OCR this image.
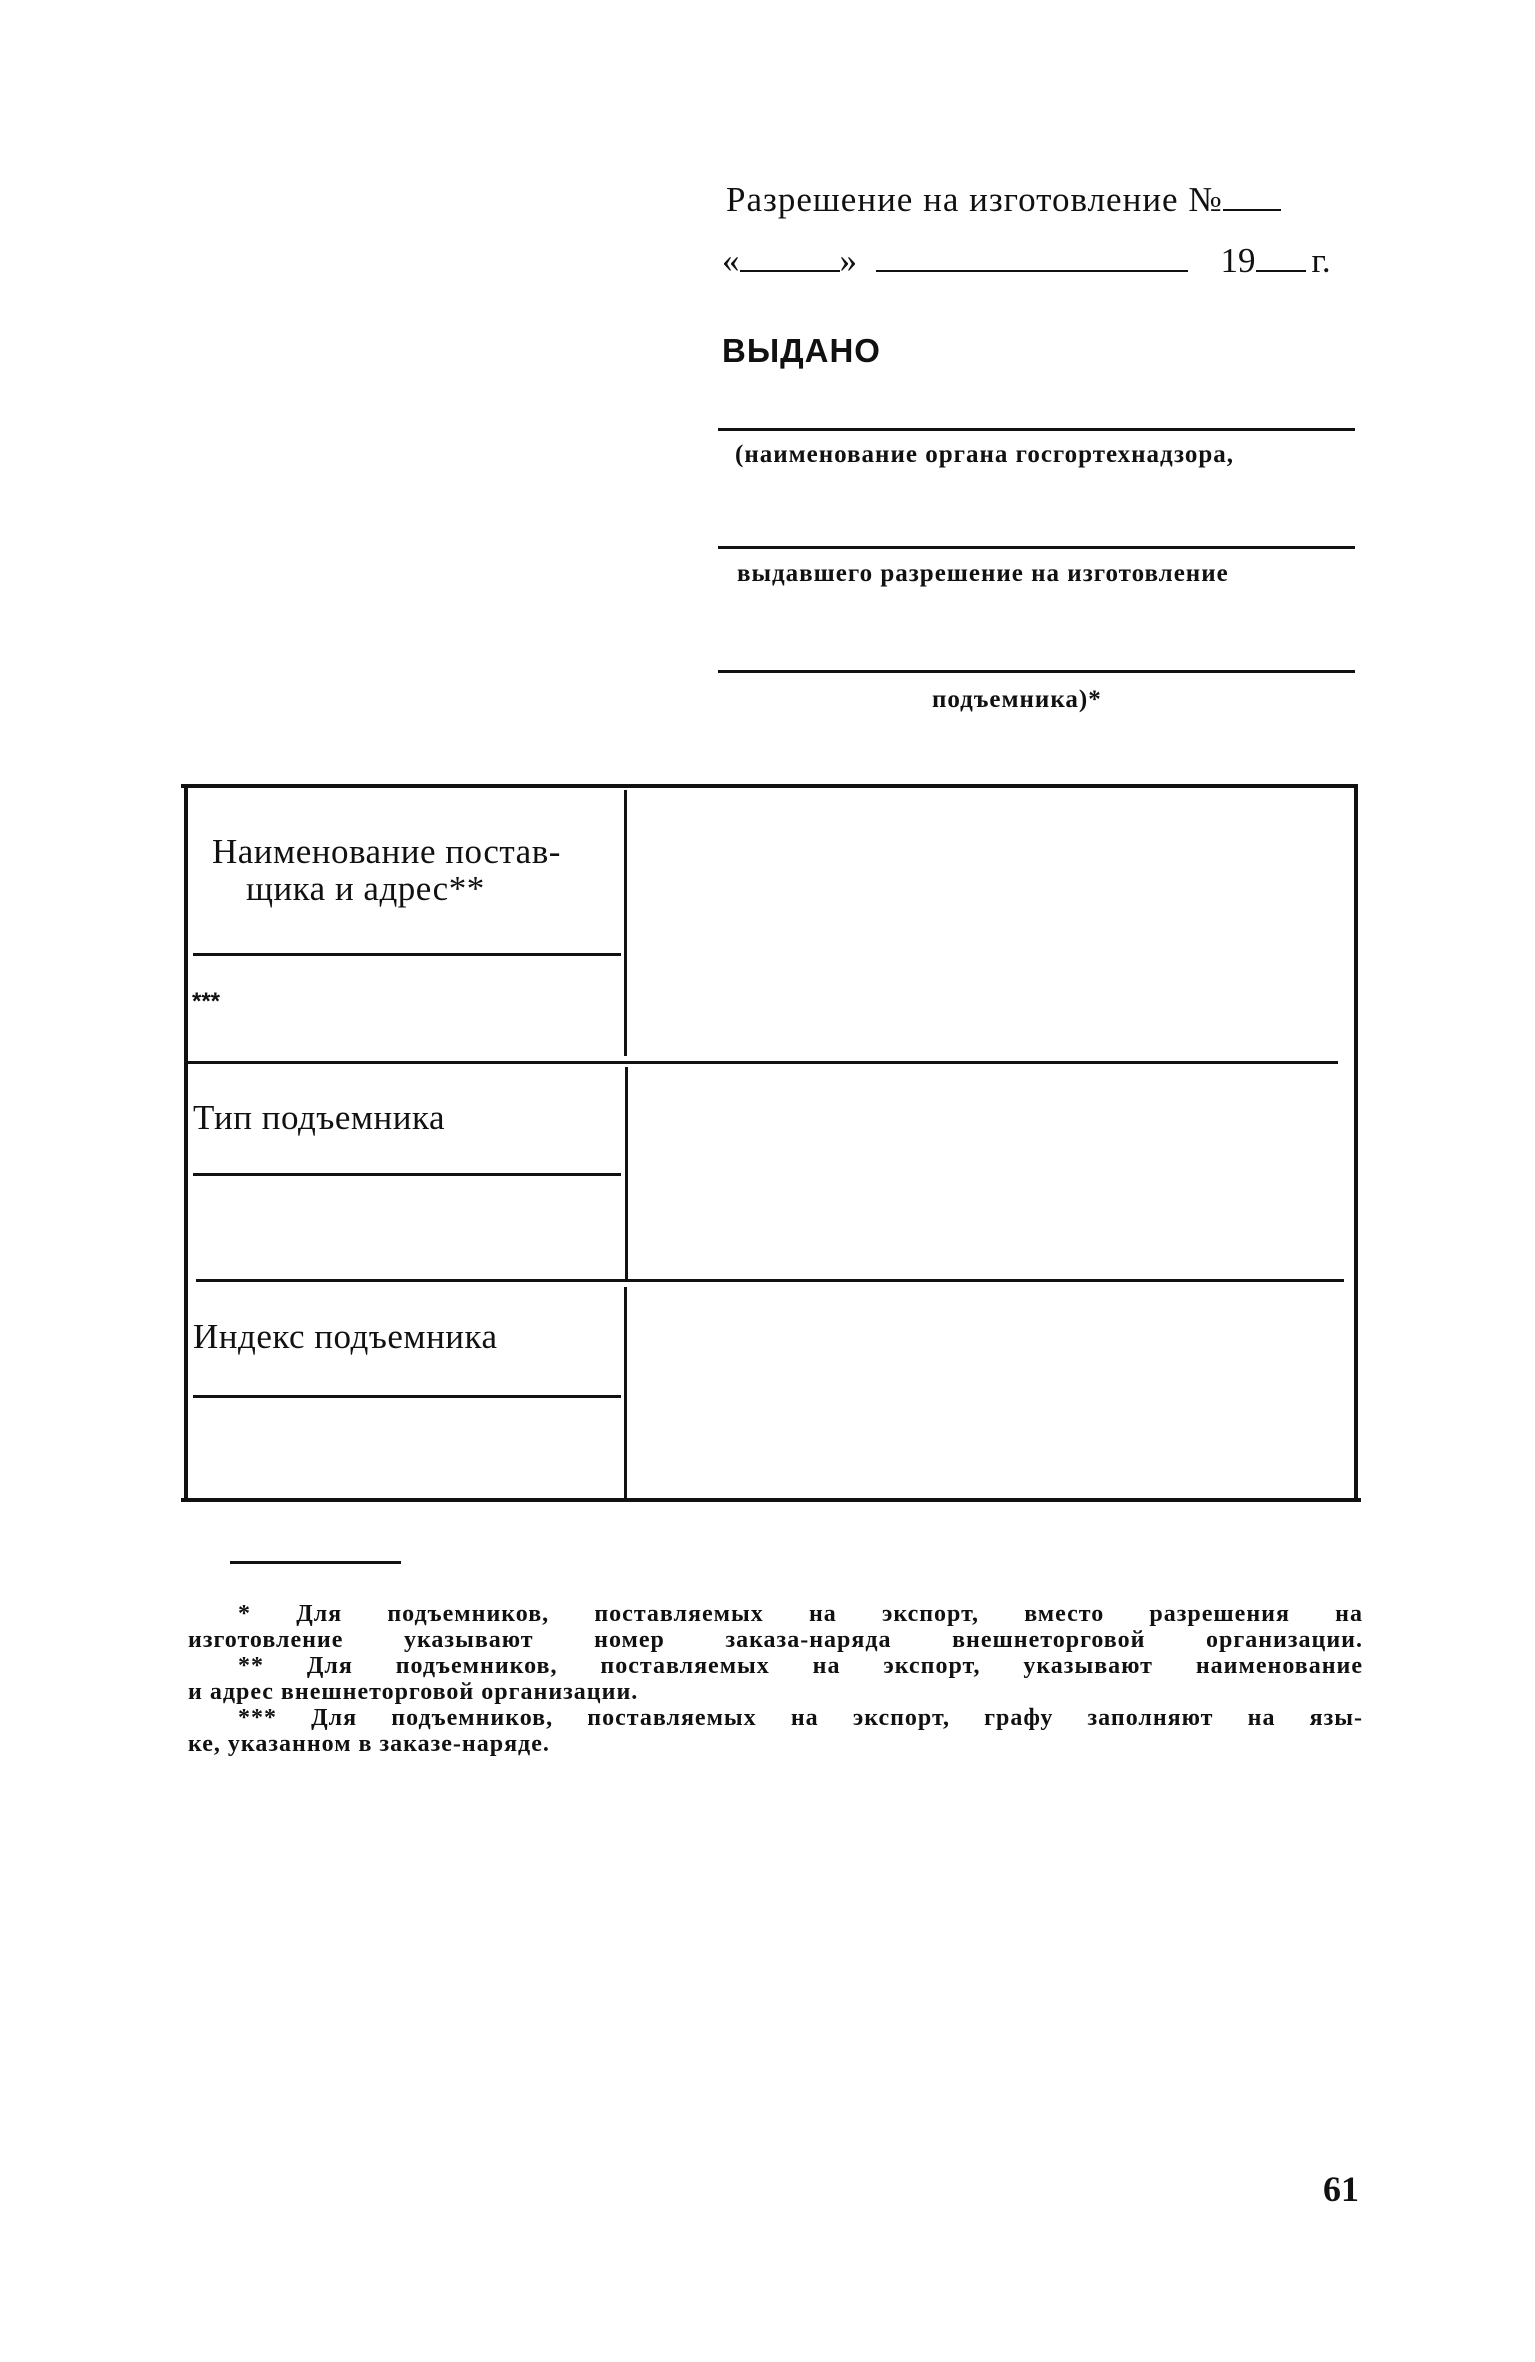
Разрешение на изготовление №
«	»	19 г.
ВЫДАНО
(наименование органа госгортехнадзора,
выдавшего разрешение на изготовление
подъемника)*
Наименование постав-
щика и адрес**
***
Тип подъемника
Индекс подъемника

* Для подъемников, поставляемых на экспорт, вместо разрешения на

изготовление указывают номер заказа-наряда внешнеторговой организации.

** Для подъемников, поставляемых на экспорт, указывают наименование

и адрес внешнеторговой организации.

*** Для подъемников, поставляемых на экспорт, графу заполняют на язы-

ке, указанном в заказе-наряде.

61
